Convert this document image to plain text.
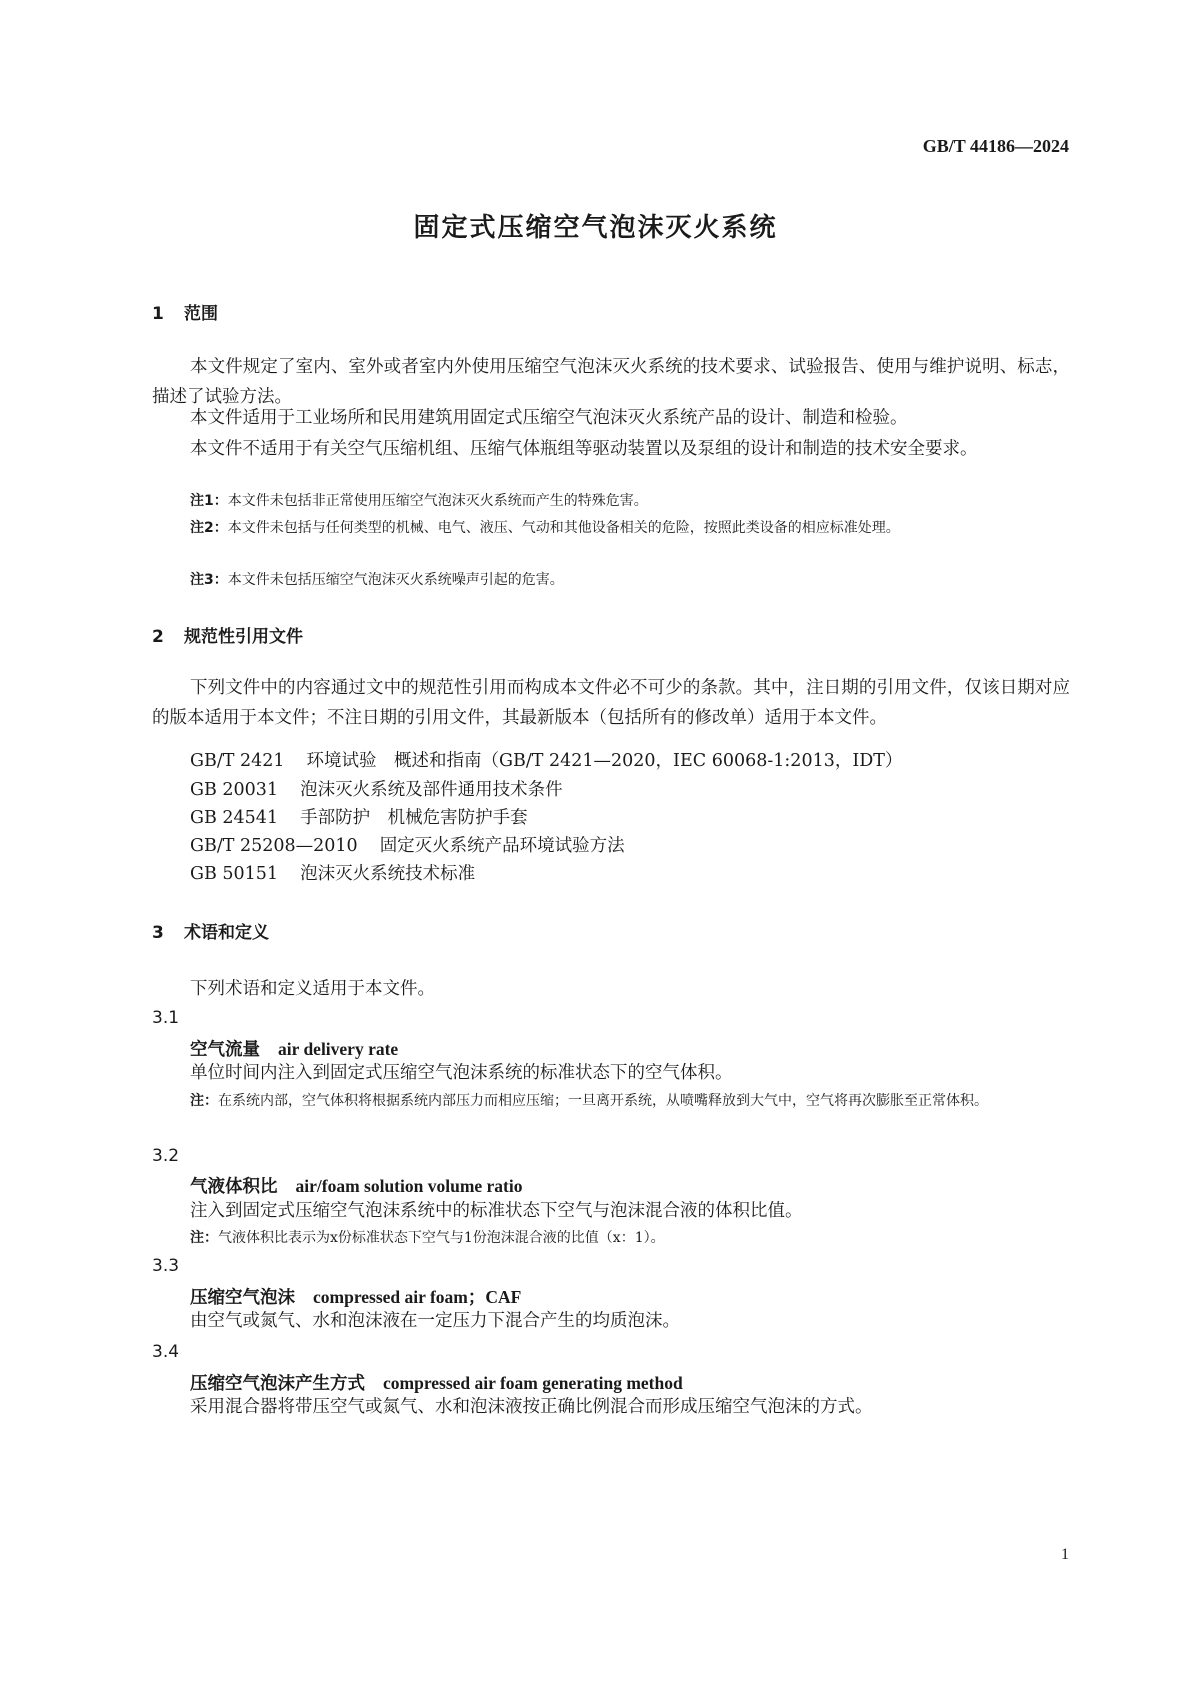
GB/T 44186—2024
固定式压缩空气泡沫灭火系统
1 范围
本文件规定了室内、室外或者室内外使用压缩空气泡沫灭火系统的技术要求、试验报告、使用与维护说明、标志，描述了试验方法。
本文件适用于工业场所和民用建筑用固定式压缩空气泡沫灭火系统产品的设计、制造和检验。
本文件不适用于有关空气压缩机组、压缩气体瓶组等驱动装置以及泵组的设计和制造的技术安全要求。
注1：本文件未包括非正常使用压缩空气泡沫灭火系统而产生的特殊危害。
注2：本文件未包括与任何类型的机械、电气、液压、气动和其他设备相关的危险，按照此类设备的相应标准处理。
注3：本文件未包括压缩空气泡沫灭火系统噪声引起的危害。
2 规范性引用文件
下列文件中的内容通过文中的规范性引用而构成本文件必不可少的条款。其中，注日期的引用文件，仅该日期对应的版本适用于本文件；不注日期的引用文件，其最新版本（包括所有的修改单）适用于本文件。
GB/T 2421 环境试验　概述和指南（GB/T 2421—2020，IEC 60068-1:2013，IDT）
GB 20031 泡沫灭火系统及部件通用技术条件
GB 24541 手部防护　机械危害防护手套
GB/T 25208—2010 固定灭火系统产品环境试验方法
GB 50151 泡沫灭火系统技术标准
3 术语和定义
下列术语和定义适用于本文件。
3.1
空气流量 air delivery rate
单位时间内注入到固定式压缩空气泡沫系统的标准状态下的空气体积。
注：在系统内部，空气体积将根据系统内部压力而相应压缩；一旦离开系统，从喷嘴释放到大气中，空气将再次膨胀至正常体积。
3.2
气液体积比 air/foam solution volume ratio
注入到固定式压缩空气泡沫系统中的标准状态下空气与泡沫混合液的体积比值。
注：气液体积比表示为x份标准状态下空气与1份泡沫混合液的比值（x：1）。
3.3
压缩空气泡沫 compressed air foam；CAF
由空气或氮气、水和泡沫液在一定压力下混合产生的均质泡沫。
3.4
压缩空气泡沫产生方式 compressed air foam generating method
采用混合器将带压空气或氮气、水和泡沫液按正确比例混合而形成压缩空气泡沫的方式。
1
